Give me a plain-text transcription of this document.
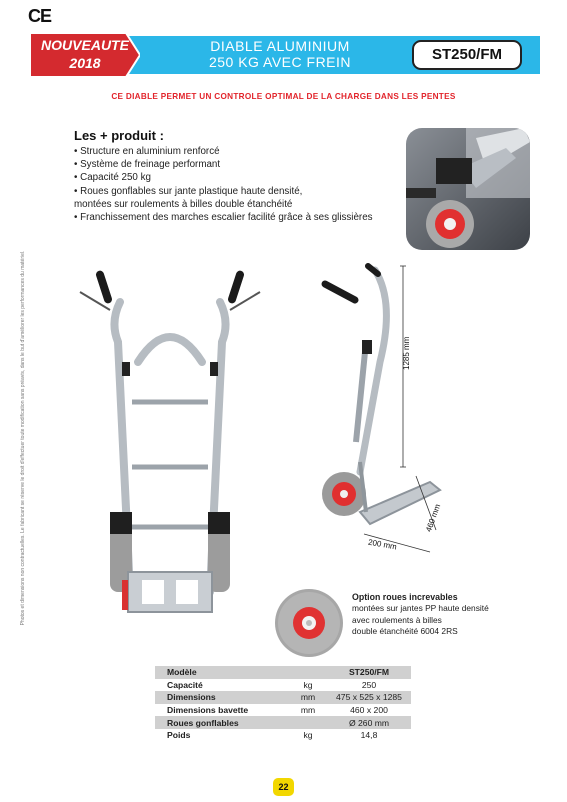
CE
NOUVEAUTE
2018
DIABLE ALUMINIUM
250 KG AVEC FREIN	ST250/FM
CE DIABLE PERMET UN CONTROLE OPTIMAL DE LA CHARGE DANS LES PENTES
Les + produit :
• Structure en aluminium renforcé
• Système de freinage performant
• Capacité 250 kg
• Roues gonflables sur jante plastique haute densité,
montées sur roulements à billes double étanchéité
• Franchissement des marches escalier facilité grâce à ses glissières
Photos et dimensions non contractuelles. Le fabricant se réserve le droit d'effectuer toute modification sans préavis, dans le but d'améliorer les performances du matériel.	1285 mm
460 mm
200 mm
Option roues increvables
montées sur jantes PP haute densité
avec roulements à billes
double étanchéité 6004 2RS
Modèle		ST250/FM
Capacité	kg	250
Dimensions	mm	475 x 525 x 1285
Dimensions bavette	mm	460 x 200
Roues gonflables		Ø 260 mm
Poids	kg	14,8
22
